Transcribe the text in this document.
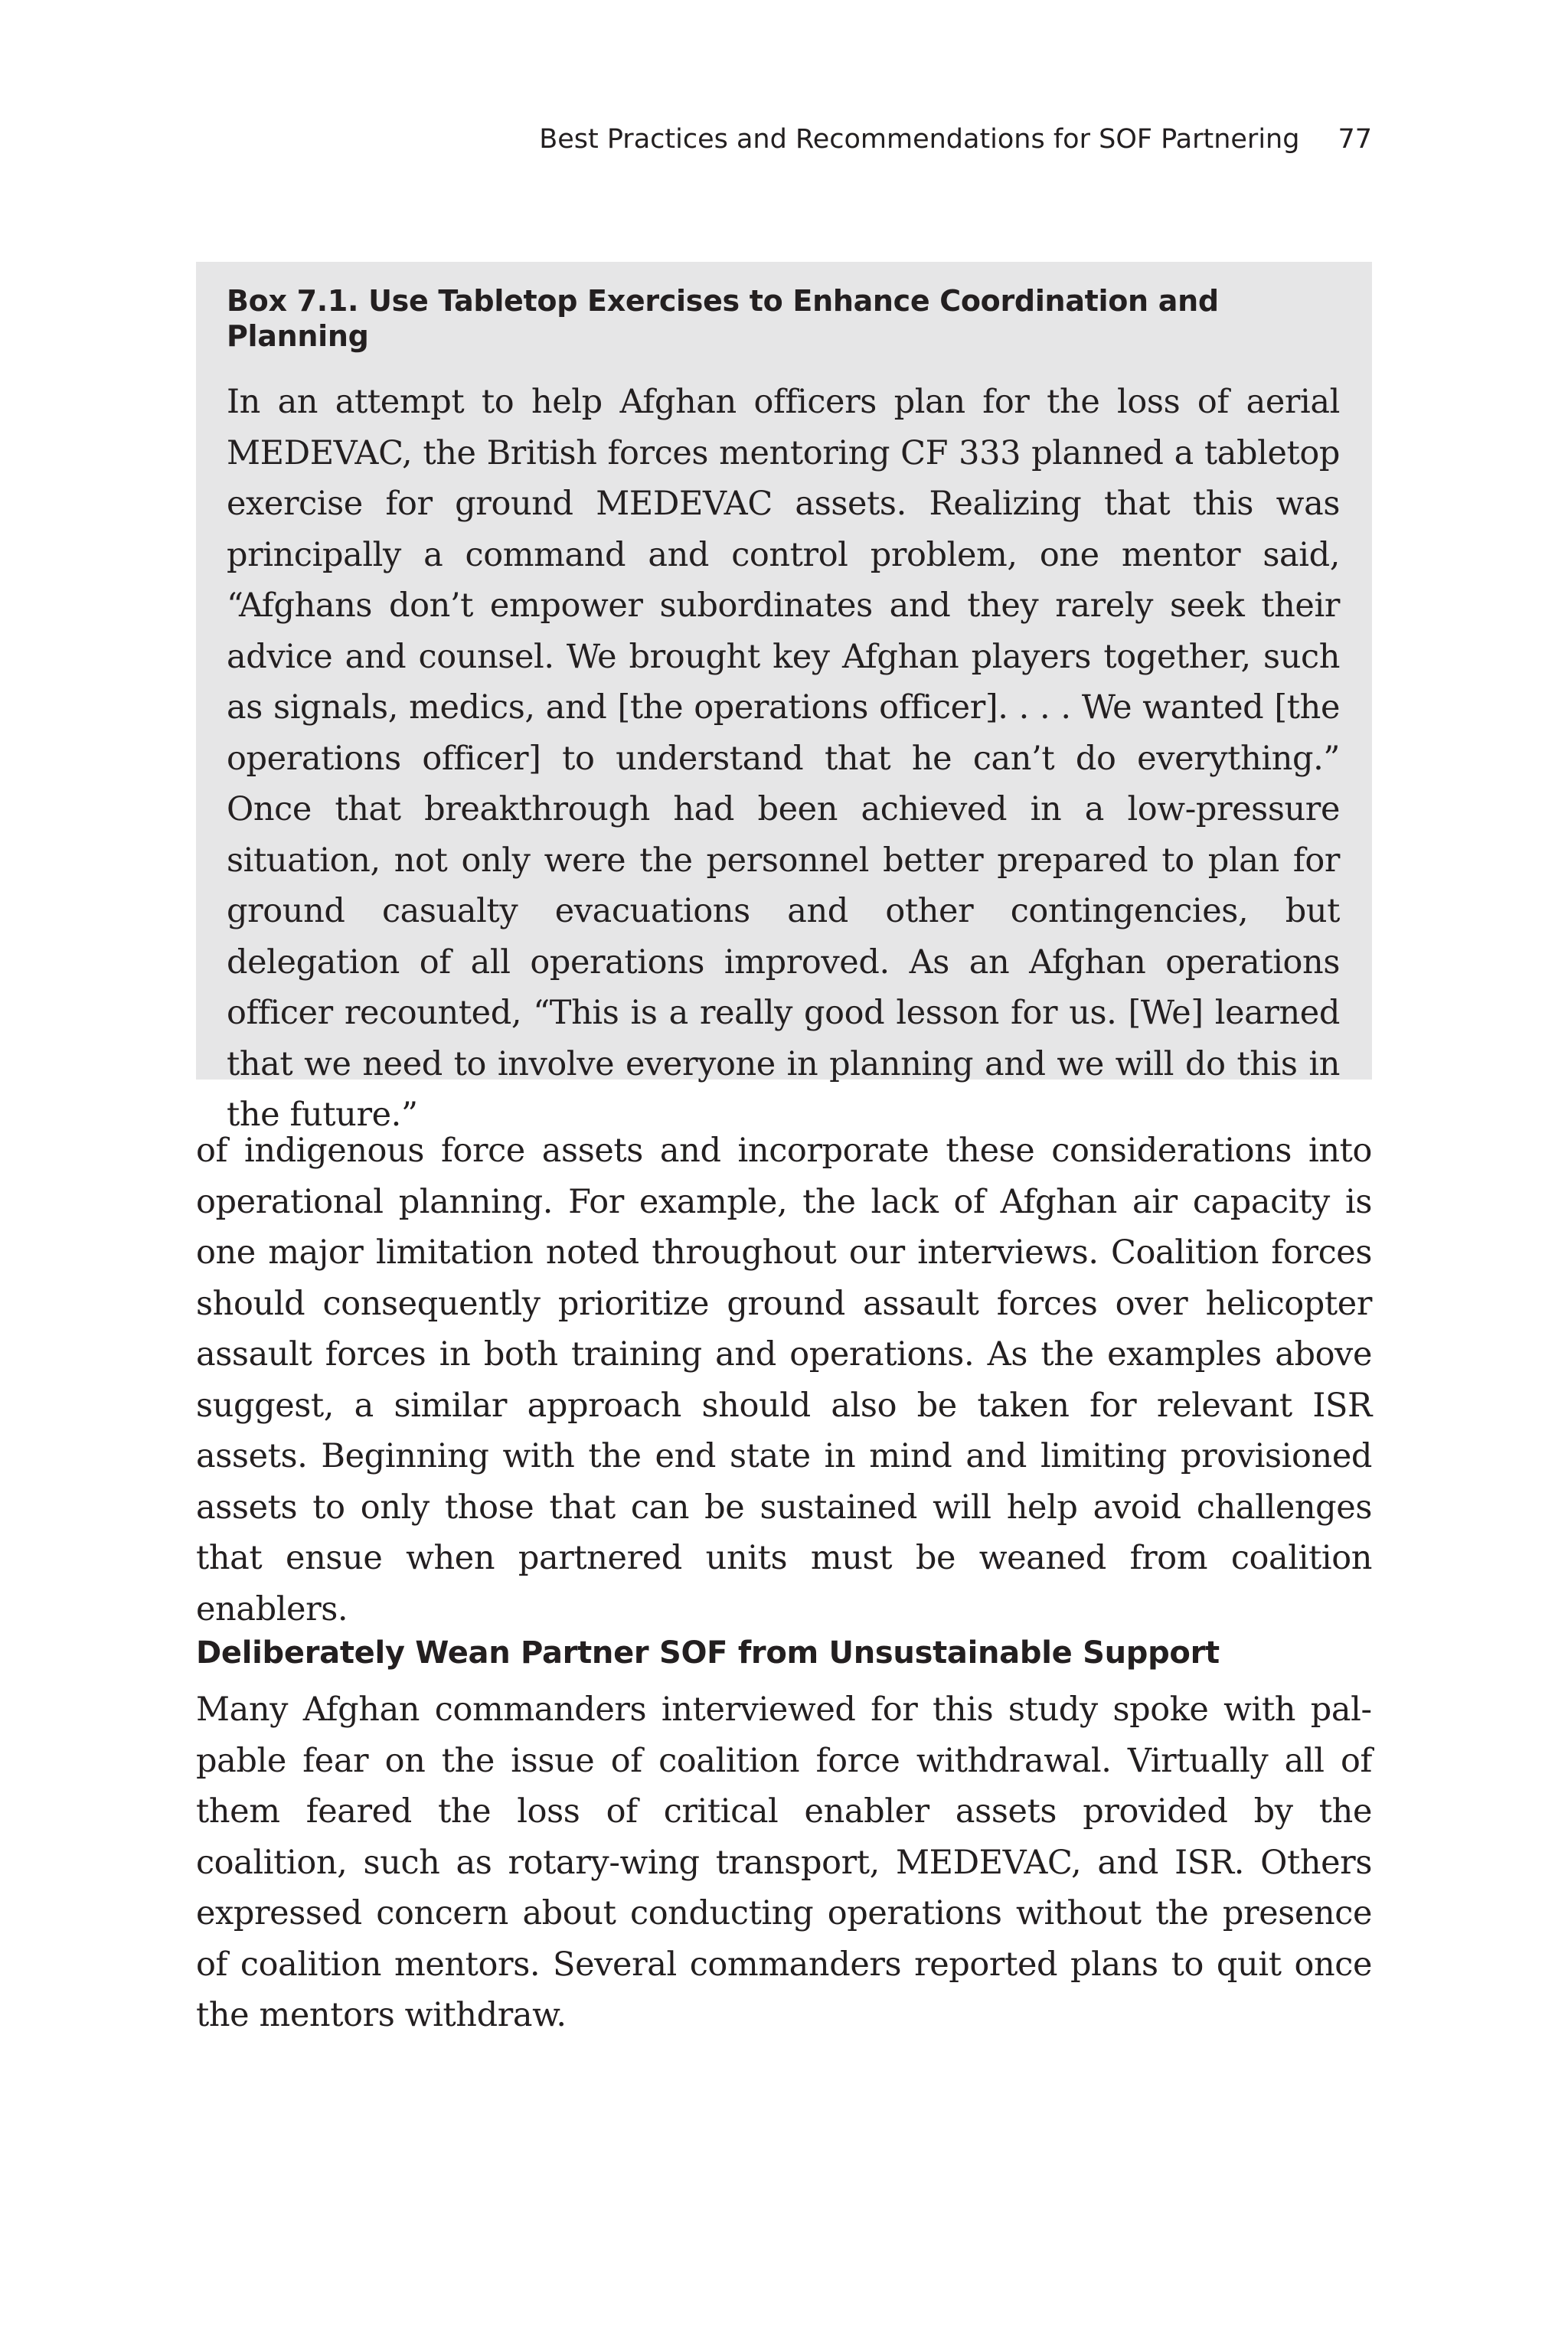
Best Practices and Recommendations for SOF Partnering 77
Box 7.1. Use Tabletop Exercises to Enhance Coordination and Planning

In an attempt to help Afghan officers plan for the loss of aerial MEDEVAC, the British forces mentoring CF 333 planned a tabletop exercise for ground MEDEVAC assets. Realizing that this was principally a command and control problem, one mentor said, “Afghans don’t empower subordinates and they rarely seek their advice and counsel. We brought key Afghan players together, such as signals, medics, and [the operations officer]. . . . We wanted [the operations officer] to understand that he can’t do everything.” Once that breakthrough had been achieved in a low-pressure situation, not only were the personnel better prepared to plan for ground casualty evacuations and other contingencies, but delegation of all operations improved. As an Afghan operations officer recounted, “This is a really good lesson for us. [We] learned that we need to involve everyone in planning and we will do this in the future.”

of indigenous force assets and incorporate these considerations into operational planning. For example, the lack of Afghan air capacity is one major limitation noted throughout our interviews. Coalition forces should consequently prioritize ground assault forces over helicopter assault forces in both training and operations. As the examples above suggest, a similar approach should also be taken for relevant ISR assets. Beginning with the end state in mind and limiting provisioned assets to only those that can be sustained will help avoid challenges that ensue when partnered units must be weaned from coalition enablers.

Deliberately Wean Partner SOF from Unsustainable Support

Many Afghan commanders interviewed for this study spoke with palpable fear on the issue of coalition force withdrawal. Virtually all of them feared the loss of critical enabler assets provided by the coalition, such as rotary-wing transport, MEDEVAC, and ISR. Others expressed concern about conducting operations without the presence of coalition mentors. Several commanders reported plans to quit once the mentors withdraw.
